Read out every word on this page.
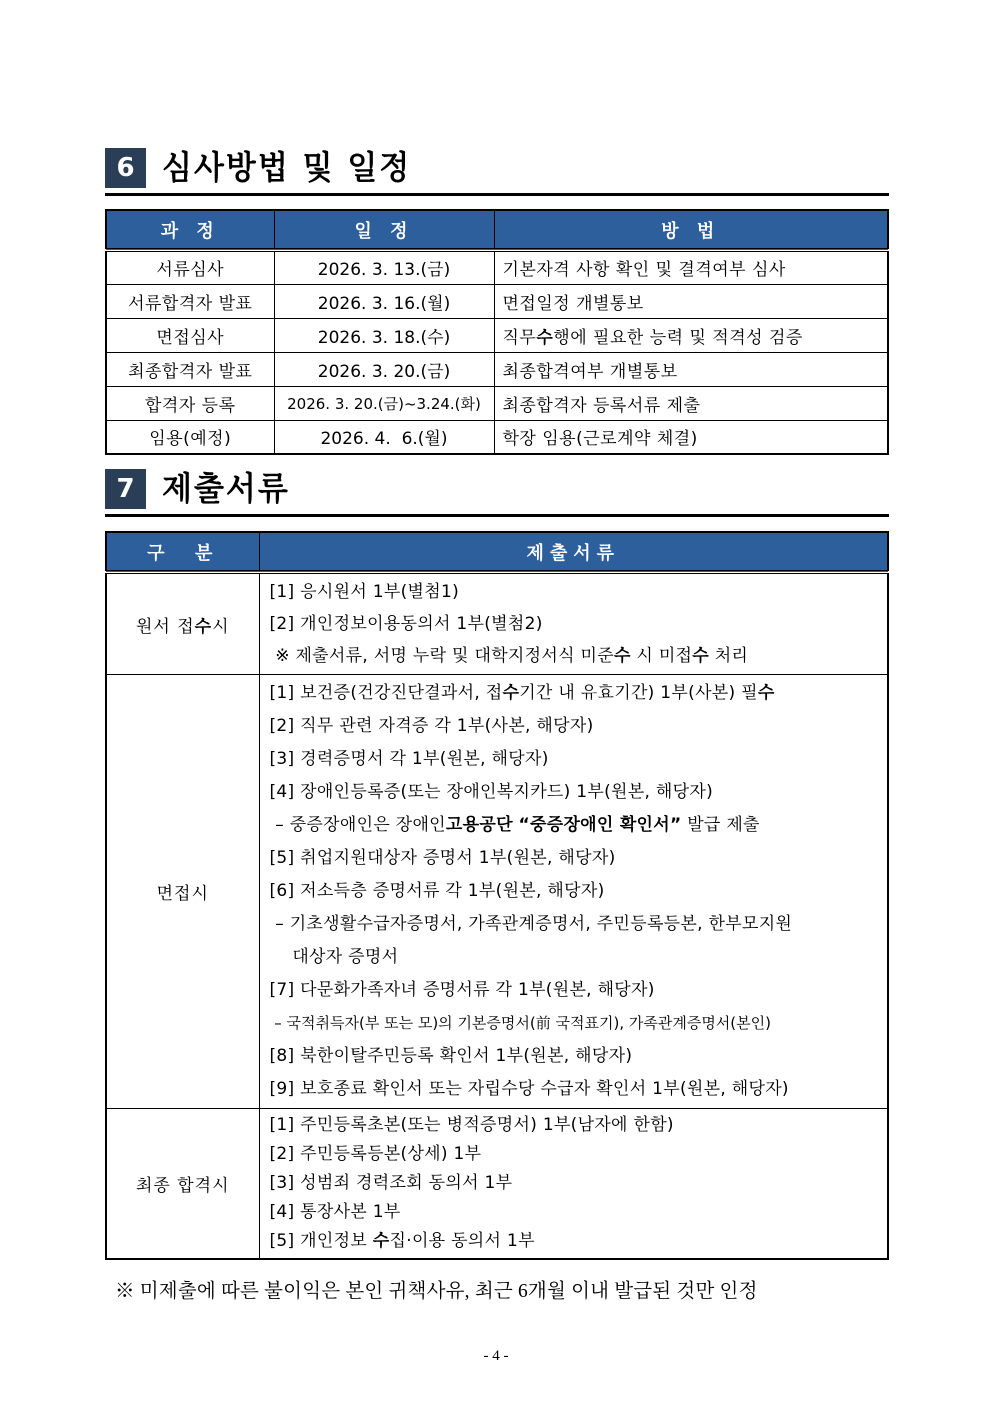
6 심사방법 및 일정
과 정	일 정	방 법
서류심사	2026. 3. 13.(금)	기본자격 사항 확인 및 결격여부 심사
서류합격자 발표	2026. 3. 16.(월)	면접일정 개별통보
면접심사	2026. 3. 18.(수)	직무수행에 필요한 능력 및 적격성 검증
최종합격자 발표	2026. 3. 20.(금)	최종합격여부 개별통보
합격자 등록	2026. 3. 20.(금)~3.24.(화)	최종합격자 등록서류 제출
임용(예정)	2026. 4.  6.(월)	학장 임용(근로계약 체결)
7 제출서류
구  분	제출서류
원서 접수시	[1] 응시원서 1부(별첨1)
[2] 개인정보이용동의서 1부(별첨2)
※ 제출서류, 서명 누락 및 대학지정서식 미준수 시 미접수 처리

면접시	
[1] 보건증(건강진단결과서, 접수기간 내 유효기간) 1부(사본) 필수
[2] 직무 관련 자격증 각 1부(사본, 해당자)
[3] 경력증명서 각 1부(원본, 해당자)
[4] 장애인등록증(또는 장애인복지카드) 1부(원본, 해당자)
– 중증장애인은 장애인고용공단 “중증장애인 확인서” 발급 제출
[5] 취업지원대상자 증명서 1부(원본, 해당자)
[6] 저소득층 증명서류 각 1부(원본, 해당자)
– 기초생활수급자증명서, 가족관계증명서, 주민등록등본, 한부모지원
대상자 증명서
[7] 다문화가족자녀 증명서류 각 1부(원본, 해당자)
– 국적취득자(부 또는 모)의 기본증명서(前 국적표기), 가족관계증명서(본인)
[8] 북한이탈주민등록 확인서 1부(원본, 해당자)
[9] 보호종료 확인서 또는 자립수당 수급자 확인서 1부(원본, 해당자)

최종 합격시	[1] 주민등록초본(또는 병적증명서) 1부(남자에 한함)
[2] 주민등록등본(상세) 1부
[3] 성범죄 경력조회 동의서 1부
[4] 통장사본 1부
[5] 개인정보 수집·이용 동의서 1부
※ 미제출에 따른 불이익은 본인 귀책사유, 최근 6개월 이내 발급된 것만 인정
- 4 -
